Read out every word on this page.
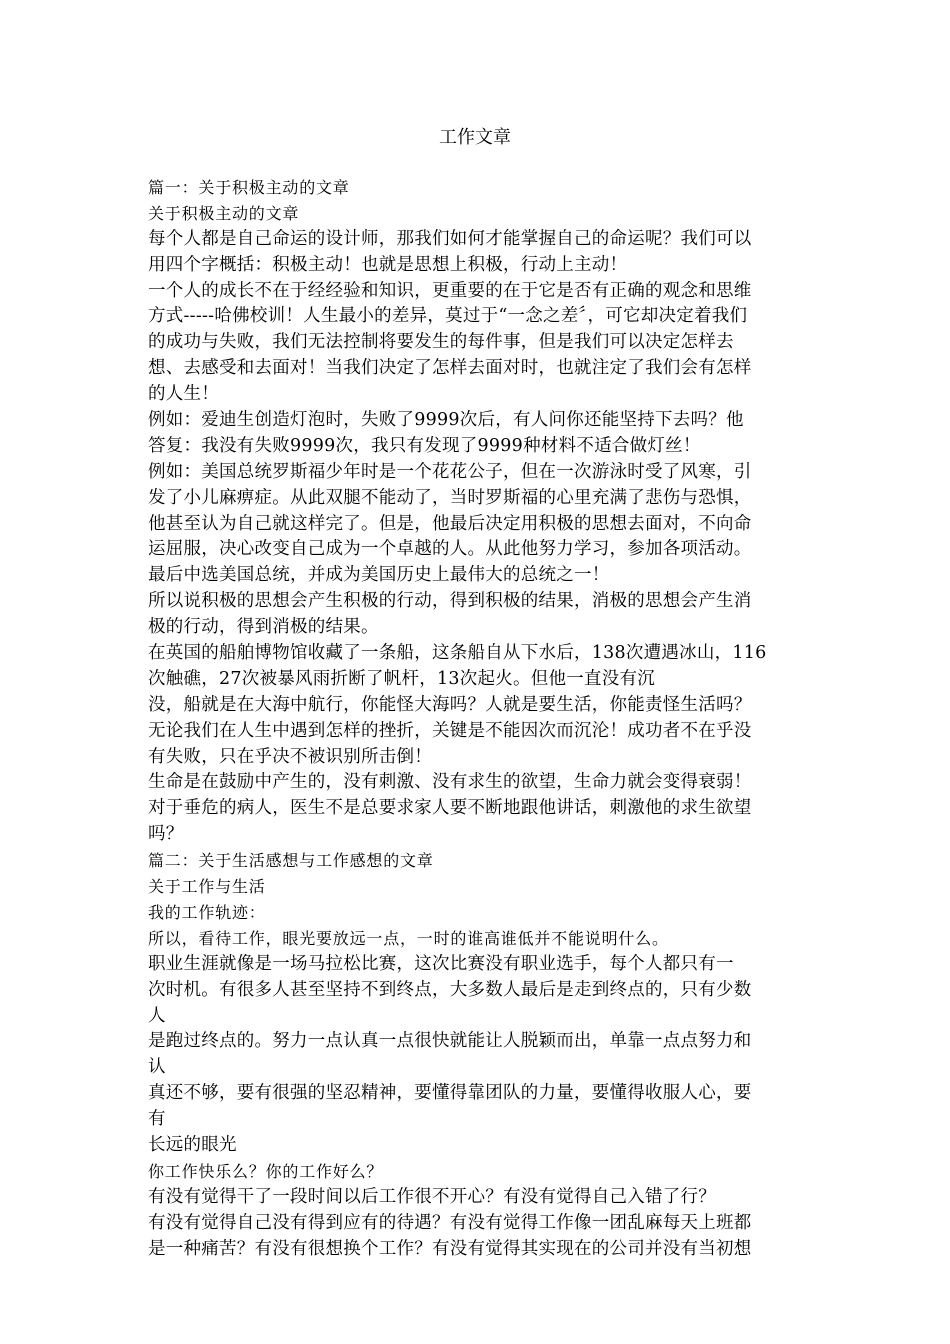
工作文章
篇一：关于积极主动的文章
关于积极主动的文章
每个人都是自己命运的设计师，那我们如何才能掌握自己的命运呢？我们可以
用四个字概括：积极主动！也就是思想上积极，行动上主动！
一个人的成长不在于经经验和知识，更重要的在于它是否有正确的观念和思维
方式-----哈佛校训！人生最小的差异，莫过于“一念之差〞，可它却决定着我们
的成功与失败，我们无法控制将要发生的每件事，但是我们可以决定怎样去
想、去感受和去面对！当我们决定了怎样去面对时，也就注定了我们会有怎样
的人生！
例如：爱迪生创造灯泡时，失败了9999次后，有人问你还能坚持下去吗？他
答复：我没有失败9999次，我只有发现了9999种材料不适合做灯丝！
例如：美国总统罗斯福少年时是一个花花公子，但在一次游泳时受了风寒，引
发了小儿麻痹症。从此双腿不能动了，当时罗斯福的心里充满了悲伤与恐惧，
他甚至认为自己就这样完了。但是，他最后决定用积极的思想去面对，不向命
运屈服，决心改变自己成为一个卓越的人。从此他努力学习，参加各项活动。
最后中选美国总统，并成为美国历史上最伟大的总统之一！
所以说积极的思想会产生积极的行动，得到积极的结果，消极的思想会产生消
极的行动，得到消极的结果。
在英国的船舶博物馆收藏了一条船，这条船自从下水后，138次遭遇冰山，116
次触礁，27次被暴风雨折断了帆杆，13次起火。但他一直没有沉
没，船就是在大海中航行，你能怪大海吗？人就是要生活，你能责怪生活吗？
无论我们在人生中遇到怎样的挫折，关键是不能因次而沉沦！成功者不在乎没
有失败，只在乎决不被识别所击倒！
生命是在鼓励中产生的，没有刺激、没有求生的欲望，生命力就会变得衰弱！
对于垂危的病人，医生不是总要求家人要不断地跟他讲话，刺激他的求生欲望
吗？
篇二：关于生活感想与工作感想的文章
关于工作与生活
我的工作轨迹：
所以，看待工作，眼光要放远一点，一时的谁高谁低并不能说明什么。
职业生涯就像是一场马拉松比赛，这次比赛没有职业选手，每个人都只有一
次时机。有很多人甚至坚持不到终点，大多数人最后是走到终点的，只有少数
人
是跑过终点的。努力一点认真一点很快就能让人脱颖而出，单靠一点点努力和
认
真还不够，要有很强的坚忍精神，要懂得靠团队的力量，要懂得收服人心，要
有
长远的眼光
你工作快乐么？你的工作好么？
有没有觉得干了一段时间以后工作很不开心？有没有觉得自己入错了行？
有没有觉得自己没有得到应有的待遇？有没有觉得工作像一团乱麻每天上班都
是一种痛苦？有没有很想换个工作？有没有觉得其实现在的公司并没有当初想
